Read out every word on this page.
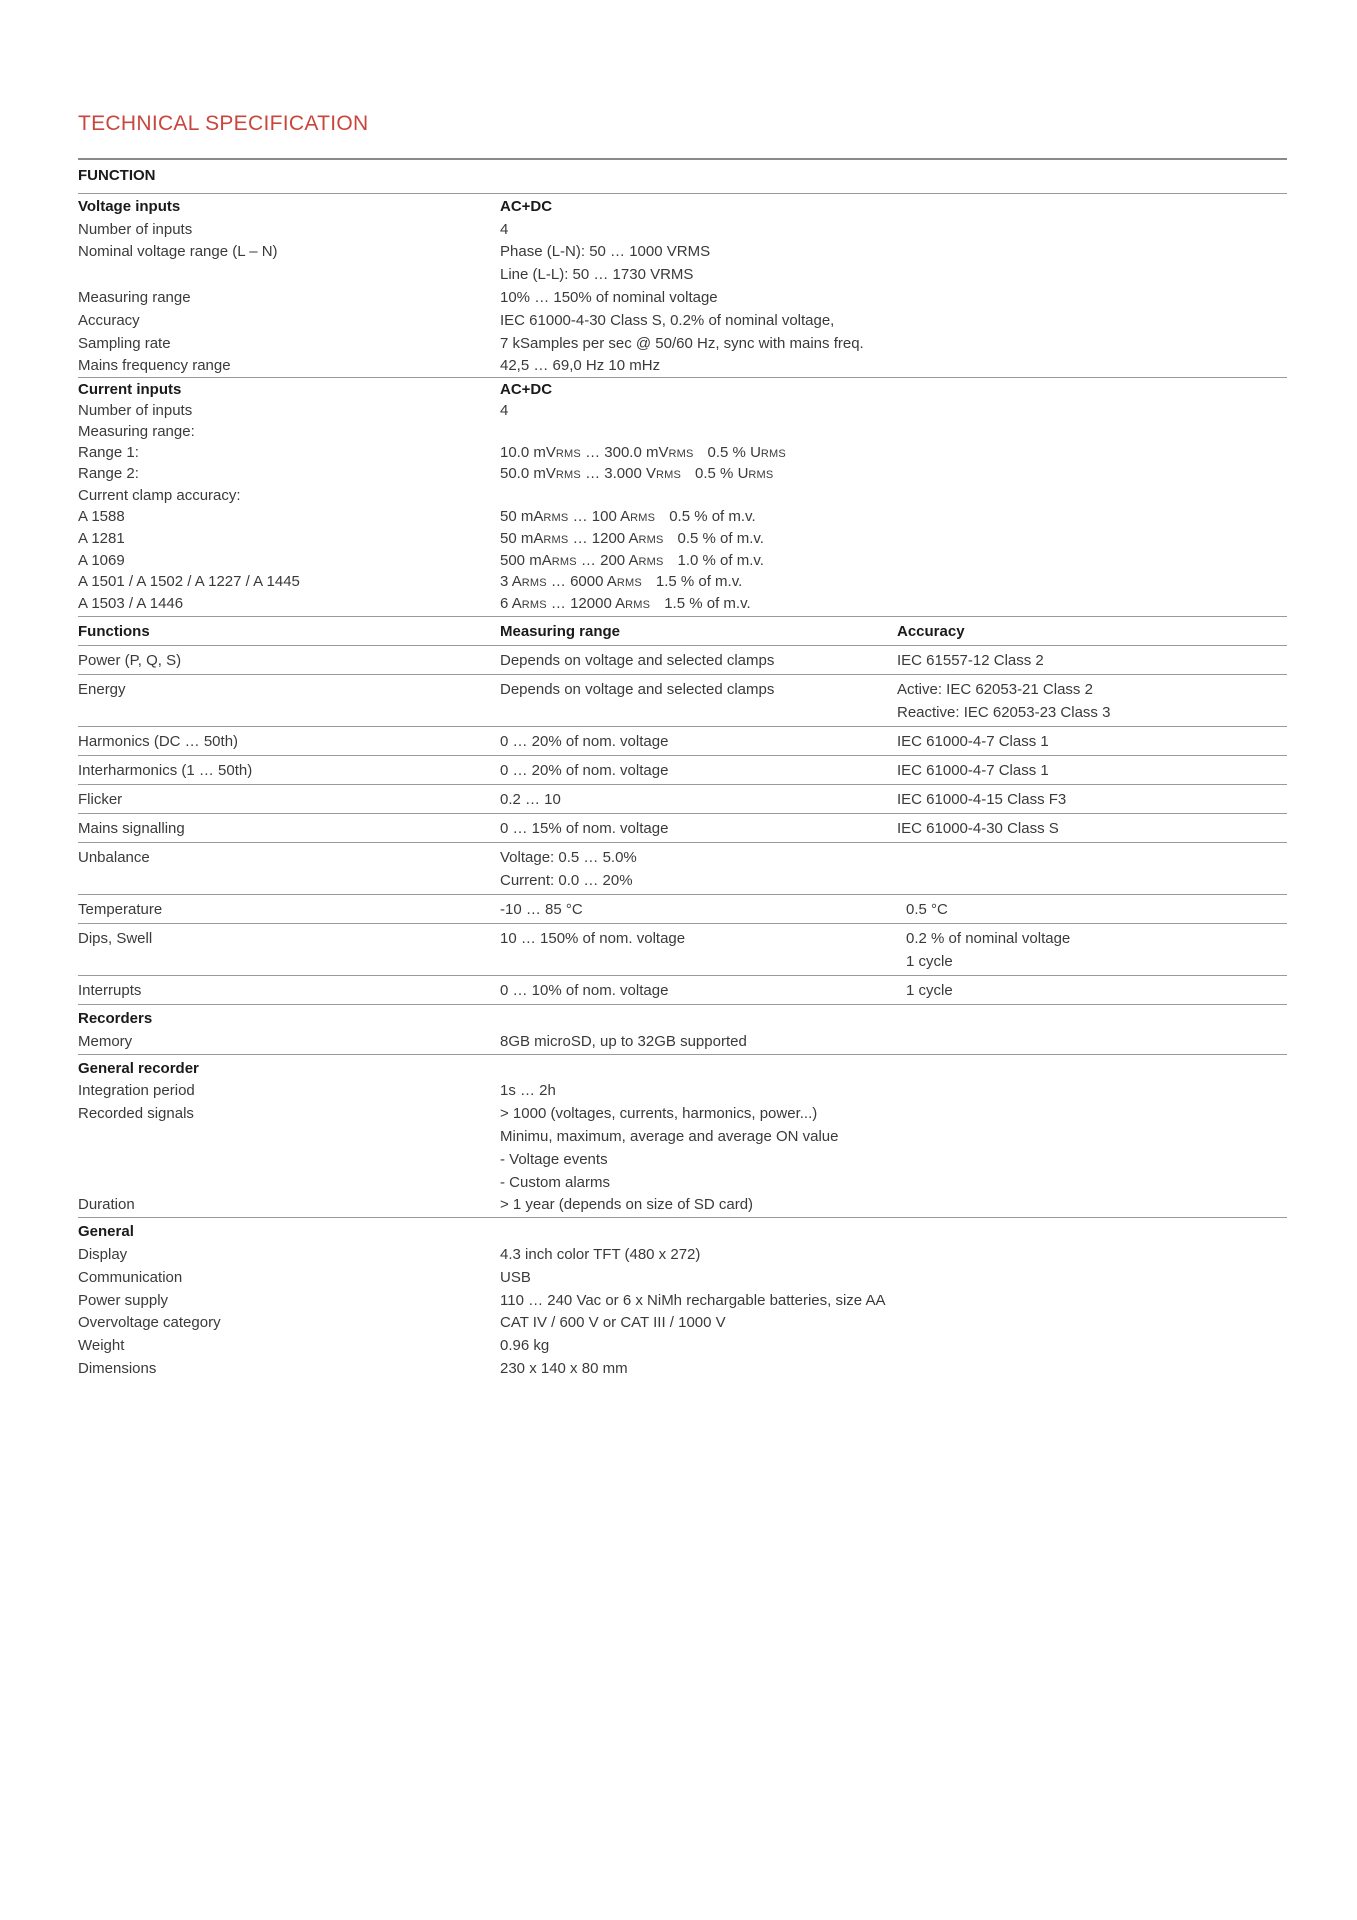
TECHNICAL SPECIFICATION
FUNCTION
Voltage inputs	AC+DC
Number of inputs	4
Nominal voltage range (L – N)	Phase (L-N): 50 … 1000 VRMS
Line (L-L): 50 … 1730 VRMS
Measuring range	10% … 150% of nominal voltage
Accuracy	IEC 61000-4-30 Class S, 0.2% of nominal voltage,
Sampling rate	7 kSamples per sec @ 50/60 Hz, sync with mains freq.
Mains frequency range	42,5 … 69,0 Hz 10 mHz
Current inputs	AC+DC
Number of inputs	4
Measuring range:
Range 1:	10.0 mVRMS … 300.0 mVRMS 0.5 % URMS
Range 2:	50.0 mVRMS … 3.000 VRMS 0.5 % URMS
Current clamp accuracy:
A 1588	50 mARMS … 100 ARMS 0.5 % of m.v.
A 1281	50 mARMS … 1200 ARMS 0.5 % of m.v.
A 1069	500 mARMS … 200 ARMS 1.0 % of m.v.
A 1501 / A 1502 / A 1227 / A 1445	3 ARMS … 6000 ARMS 1.5 % of m.v.
A 1503 / A 1446	6 ARMS … 12000 ARMS 1.5 % of m.v.
Functions	Measuring range	Accuracy
Power (P, Q, S)	Depends on voltage and selected clamps	IEC 61557-12 Class 2
Energy	Depends on voltage and selected clamps	Active: IEC 62053-21 Class 2
Reactive: IEC 62053-23 Class 3
Harmonics (DC … 50th)	0 … 20% of nom. voltage	IEC 61000-4-7 Class 1
Interharmonics (1 … 50th)	0 … 20% of nom. voltage	IEC 61000-4-7 Class 1
Flicker	0.2 … 10	IEC 61000-4-15 Class F3
Mains signalling	0 … 15% of nom. voltage	IEC 61000-4-30 Class S
Unbalance	Voltage: 0.5 … 5.0%
Current: 0.0 … 20%
Temperature	-10 … 85 °C	0.5 °C
Dips, Swell	10 … 150% of nom. voltage	0.2 % of nominal voltage
1 cycle
Interrupts	0 … 10% of nom. voltage	1 cycle
Recorders
Memory	8GB microSD, up to 32GB supported
General recorder
Integration period	1s … 2h
Recorded signals	> 1000 (voltages, currents, harmonics, power...)
Minimu, maximum, average and average ON value
- Voltage events
- Custom alarms
Duration	> 1 year (depends on size of SD card)
General
Display	4.3 inch color TFT (480 x 272)
Communication	USB
Power supply	110 … 240 Vac or 6 x NiMh rechargable batteries, size AA
Overvoltage category	CAT IV / 600 V or CAT III / 1000 V
Weight	0.96 kg
Dimensions	230 x 140 x 80 mm
